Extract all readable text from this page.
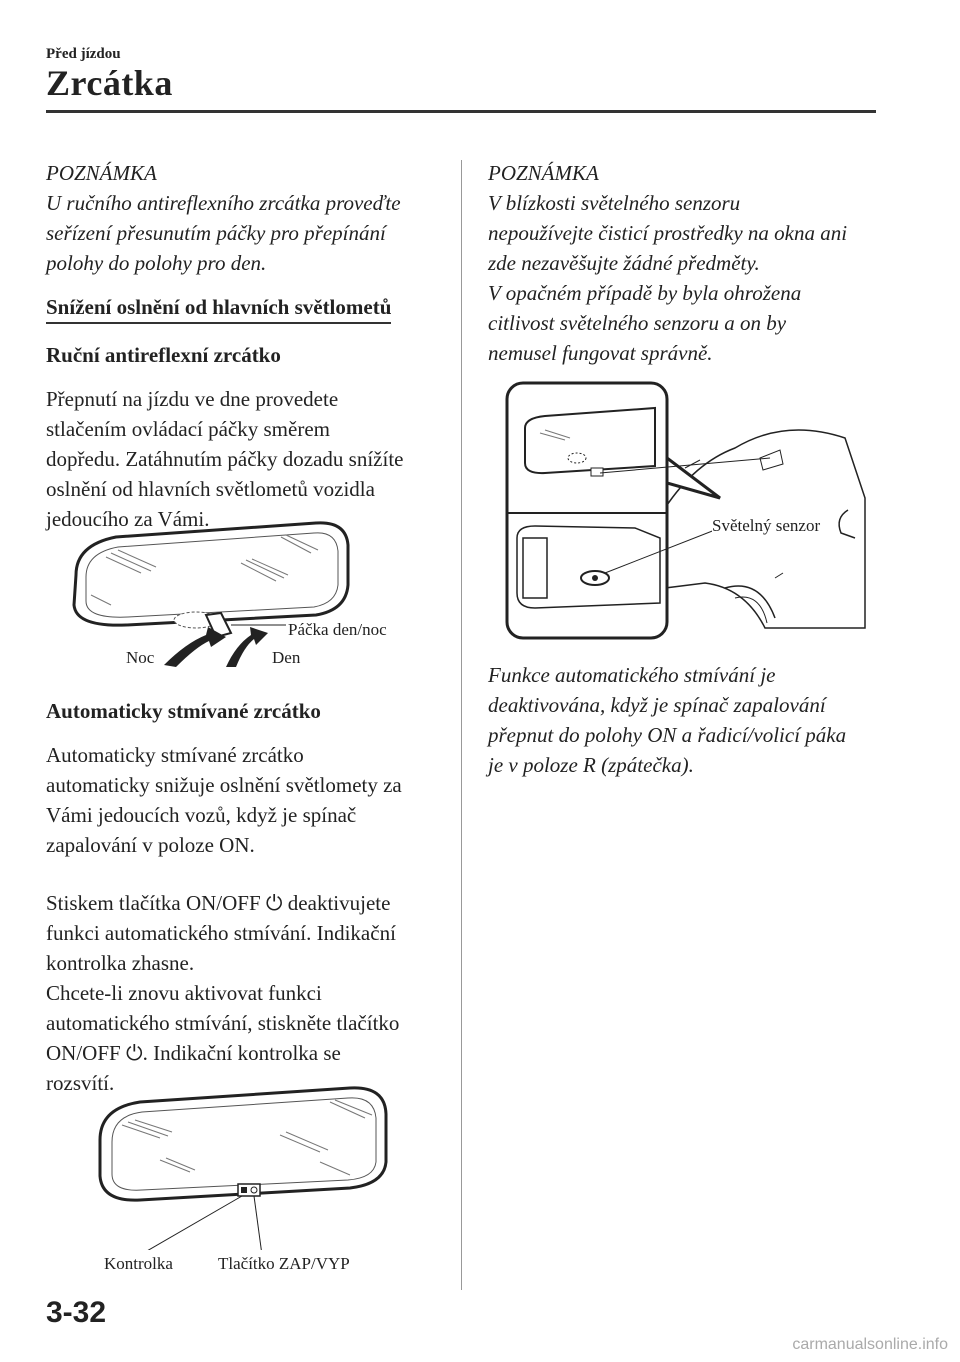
Před jízdou
Zrcátka
POZNÁMKA
U ručního antireflexního zrcátka proveďte
seřízení přesunutím páčky pro přepínání
polohy do polohy pro den.
Snížení oslnění od hlavních světlometů
Ruční antireflexní zrcátko
Přepnutí na jízdu ve dne provedete
stlačením ovládací páčky směrem
dopředu. Zatáhnutím páčky dozadu snížíte
oslnění od hlavních světlometů vozidla
jedoucího za Vámi.
Páčka den/noc
Noc	Den
Automaticky stmívané zrcátko
Automaticky stmívané zrcátko
automaticky snižuje oslnění světlomety za
Vámi jedoucích vozů, když je spínač
zapalování v poloze ON.
Stiskem tlačítka ON/OFF ⏻ deaktivujete
funkci automatického stmívání. Indikační
kontrolka zhasne.
Chcete-li znovu aktivovat funkci
automatického stmívání, stiskněte tlačítko
ON/OFF ⏻. Indikační kontrolka se
rozsvítí.
Kontrolka	Tlačítko ZAP/VYP
POZNÁMKA
V blízkosti světelného senzoru
nepoužívejte čisticí prostředky na okna ani
zde nezavěšujte žádné předměty.
V opačném případě by byla ohrožena
citlivost světelného senzoru a on by
nemusel fungovat správně.
Světelný senzor
Funkce automatického stmívání je
deaktivována, když je spínač zapalování
přepnut do polohy ON a řadicí/volicí páka
je v poloze R (zpátečka).
3-32
carmanualsonline.info
